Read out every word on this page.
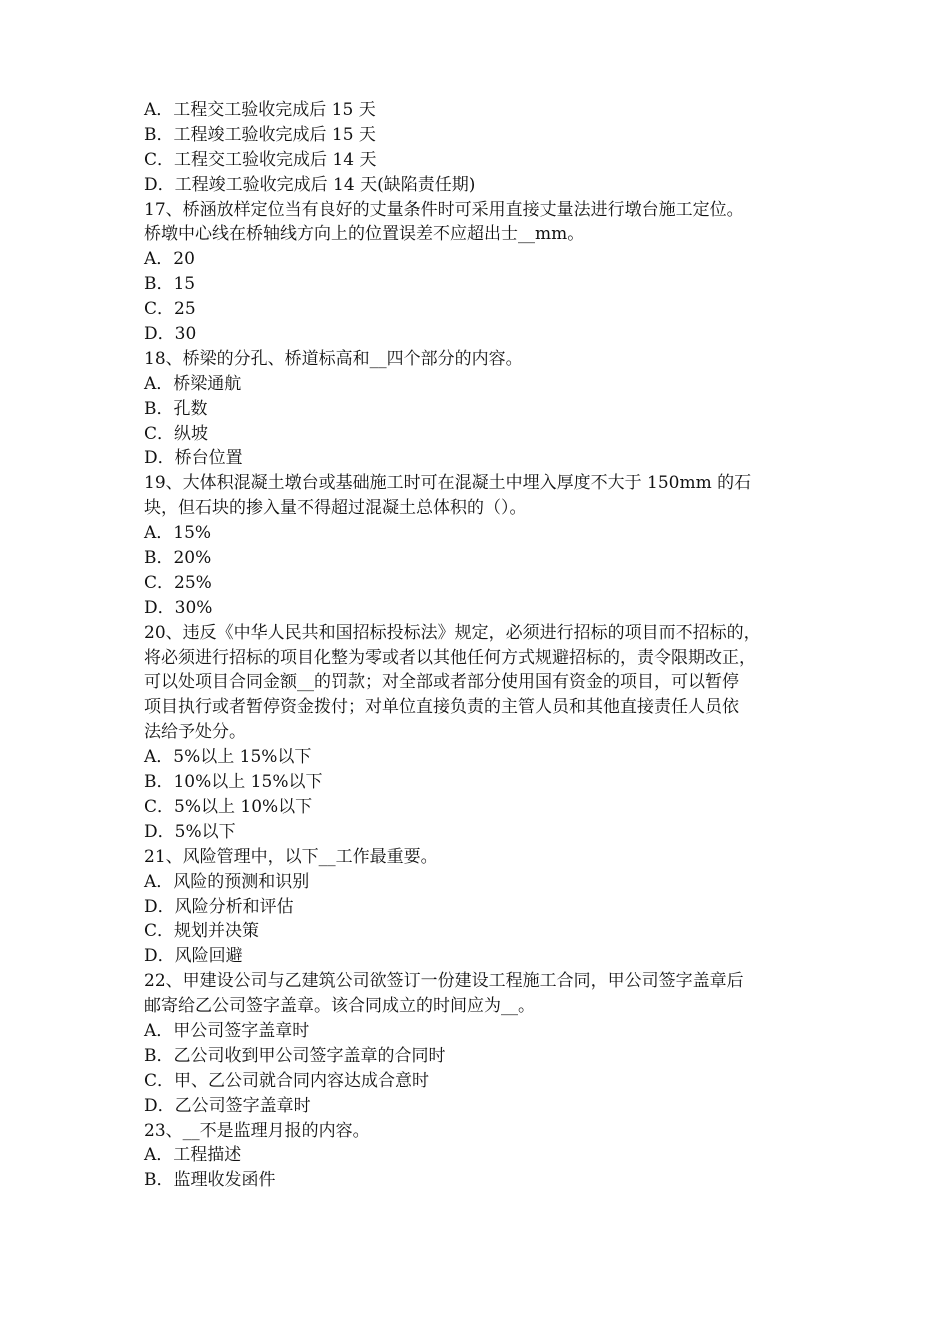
A．工程交工验收完成后 15 天

B．工程竣工验收完成后 15 天

C．工程交工验收完成后 14 天

D．工程竣工验收完成后 14 天(缺陷责任期)

17、桥涵放样定位当有良好的丈量条件时可采用直接丈量法进行墩台施工定位。

桥墩中心线在桥轴线方向上的位置误差不应超出士__mm。

A．20

B．15

C．25

D．30

18、桥梁的分孔、桥道标高和__四个部分的内容。

A．桥梁通航

B．孔数

C．纵坡

D．桥台位置

19、大体积混凝土墩台或基础施工时可在混凝土中埋入厚度不大于 150mm 的石

块，但石块的掺入量不得超过混凝土总体积的（）。

A．15%

B．20%

C．25%

D．30%

20、违反《中华人民共和国招标投标法》规定，必须进行招标的项目而不招标的，

将必须进行招标的项目化整为零或者以其他任何方式规避招标的，责令限期改正，

可以处项目合同金额__的罚款；对全部或者部分使用国有资金的项目，可以暂停

项目执行或者暂停资金拨付；对单位直接负责的主管人员和其他直接责任人员依

法给予处分。

A．5%以上 15%以下

B．10%以上 15%以下

C．5%以上 10%以下

D．5%以下

21、风险管理中，以下__工作最重要。

A．风险的预测和识别

D．风险分析和评估

C．规划并决策

D．风险回避

22、甲建设公司与乙建筑公司欲签订一份建设工程施工合同，甲公司签字盖章后

邮寄给乙公司签字盖章。该合同成立的时间应为__。

A．甲公司签字盖章时

B．乙公司收到甲公司签字盖章的合同时

C．甲、乙公司就合同内容达成合意时

D．乙公司签字盖章时

23、__不是监理月报的内容。

A．工程描述

B．监理收发函件
